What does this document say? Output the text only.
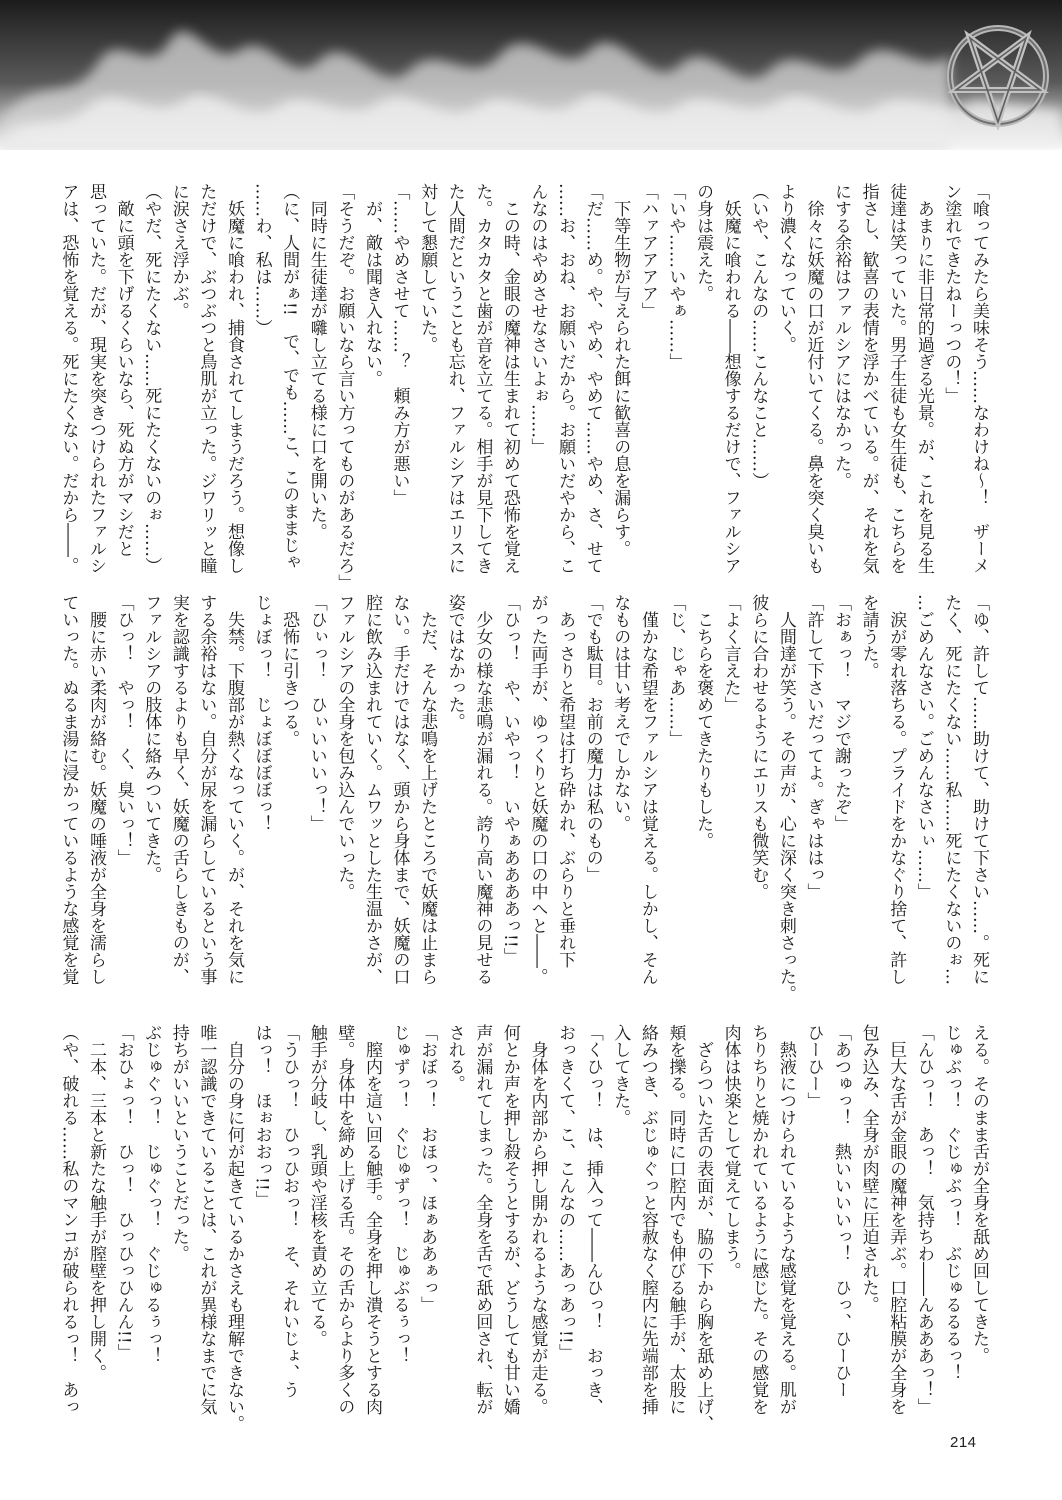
「喰ってみたら美味そう……なわけね～！　ザーメ
ン塗れできたねーっつの！」
　あまりに非日常的過ぎる光景。が、これを見る生
徒達は笑っていた。男子生徒も女生徒も、こちらを
指さし、歓喜の表情を浮かべている。が、それを気
にする余裕はファルシアにはなかった。
　徐々に妖魔の口が近付いてくる。鼻を突く臭いも
より濃くなっていく。
（いや、こんなの……こんなこと……）
　妖魔に喰われる――想像するだけで、ファルシア
の身は震えた。
「いや……いやぁ……」
「ハァアアアア」
　下等生物が与えられた餌に歓喜の息を漏らす。
「だ……め。や、やめ、やめて……やめ、さ、せて
……お、おね、お願いだから。お願いだやから、こ
んなのはやめさせなさいよぉ……」
　この時、金眼の魔神は生まれて初めて恐怖を覚え
た。カタカタと歯が音を立てる。相手が見下してき
た人間だということも忘れ、ファルシアはエリスに
対して懇願していた。
「……やめさせて……？　頼み方が悪い」
　が、敵は聞き入れない。
「そうだぞ。お願いなら言い方ってものがあるだろ」
　同時に生徒達が囃し立てる様に口を開いた。
（に、人間がぁ!!　で、でも……こ、このままじゃ
……わ、私は……）
　妖魔に喰われ、捕食されてしまうだろう。想像し
ただけで、ぶつぶつと鳥肌が立った。ジワリッと瞳
に涙さえ浮かぶ。
（やだ、死にたくない……死にたくないのぉ……）
　敵に頭を下げるくらいなら、死ぬ方がマシだと
思っていた。だが、現実を突きつけられたファルシ
アは、恐怖を覚える。死にたくない。だから――。
「ゆ、許して……助けて、助けて下さい……。死に
たく、死にたくない……私……死にたくないのぉ…
…ごめんなさい。ごめんなさいぃ……」
　涙が零れ落ちる。プライドをかなぐり捨て、許し
を請うた。
「おぁっ！　マジで謝ったぞ」
「許して下さいだってよ。ぎゃははっ」
　人間達が笑う。その声が、心に深く突き刺さった。
彼らに合わせるようにエリスも微笑む。
「よく言えた」
　こちらを褒めてきたりもした。
「じ、じゃあ……」
　僅かな希望をファルシアは覚える。しかし、そん
なものは甘い考えでしかない。
「でも駄目。お前の魔力は私のもの」
　あっさりと希望は打ち砕かれ、ぶらりと垂れ下
がった両手が、ゆっくりと妖魔の口の中へと――。
「ひっ！　や、いやっ！　いやぁああああっ!!」
　少女の様な悲鳴が漏れる。誇り高い魔神の見せる
姿ではなかった。
　ただ、そんな悲鳴を上げたところで妖魔は止まら
ない。手だけではなく、頭から身体まで、妖魔の口
腔に飲み込まれていく。ムワッとした生温かさが、
ファルシアの全身を包み込んでいった。
「ひぃっ！　ひぃいいいっ！」
　恐怖に引きつる。
じょぼっ！　じょぼぼぼぼっ！
　失禁。下腹部が熱くなっていく。が、それを気に
する余裕はない。自分が尿を漏らしているという事
実を認識するよりも早く、妖魔の舌らしきものが、
ファルシアの肢体に絡みついてきた。
「ひっ！　やっ！　く、臭いっ！」
　腰に赤い柔肉が絡む。妖魔の唾液が全身を濡らし
ていった。ぬるま湯に浸かっているような感覚を覚
える。そのまま舌が全身を舐め回してきた。
じゅぶっ！　ぐじゅぶっ！　ぶじゅるるるっ！
「んひっ！　あっ！　気持ちわ――んあああっ！」
　巨大な舌が金眼の魔神を弄ぶ。口腔粘膜が全身を
包み込み、全身が肉壁に圧迫された。
「あつゅっ！　熱いいいいっ！　ひっ、ひーひー
ひーひー」
　熱液につけられているような感覚を覚える。肌が
ちりちりと焼かれているように感じた。その感覚を
肉体は快楽として覚えてしまう。
　ざらついた舌の表面が、脇の下から胸を舐め上げ、
頬を擽る。同時に口腔内でも伸びる触手が、太股に
絡みつき、ぶじゅぐっと容赦なく膣内に先端部を挿
入してきた。
「くひっ！　は、挿入って――んひっ！　おっき、
おっきくて、こ、こんなの……あっあっ!!」
　身体を内部から押し開かれるような感覚が走る。
何とか声を押し殺そうとするが、どうしても甘い嬌
声が漏れてしまった。全身を舌で舐め回され、転が
される。
「おぼっ！　おほっ、ほぁああぁっ」
じゅずっ！　ぐじゅずっ！　じゅぶるぅっ！
　膣内を這い回る触手。全身を押し潰そうとする肉
壁。身体中を締め上げる舌。その舌からより多くの
触手が分岐し、乳頭や淫核を責め立てる。
「うひっ！　ひっひおっ！　そ、それいじょ、う
はっ！　ほぉおおっ!!」
　自分の身に何が起きているかさえも理解できない。
唯一認識できていることは、これが異様なまでに気
持ちがいいということだった。
ぶじゅぐっ！　じゅぐっ！　ぐじゅるぅっ！
「おひょっ！　ひっ！　ひっひっひんん!!」
　二本、三本と新たな触手が膣壁を押し開く。
（や、破れる……私のマンコが破られるっ！　あっ
214
